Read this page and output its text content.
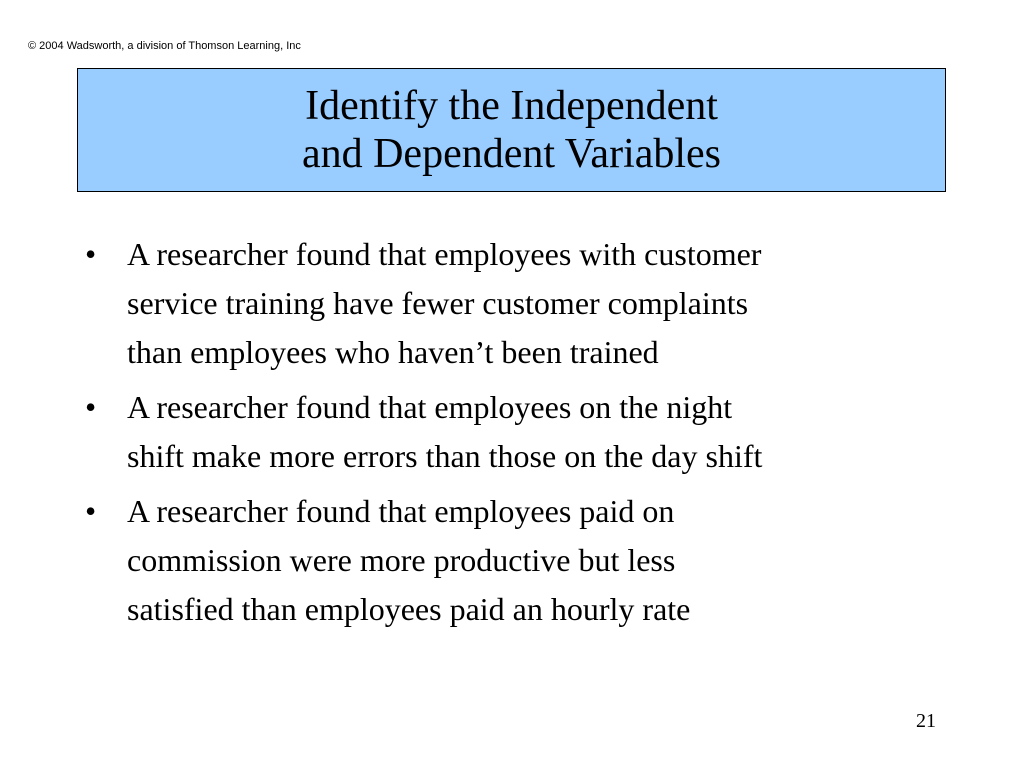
© 2004 Wadsworth, a division of Thomson Learning, Inc
Identify the Independent
and Dependent Variables
• A researcher found that employees with customer
service training have fewer customer complaints
than employees who haven’t been trained
• A researcher found that employees on the night
shift make more errors than those on the day shift
• A researcher found that employees paid on
commission were more productive but less
satisfied than employees paid an hourly rate
21
